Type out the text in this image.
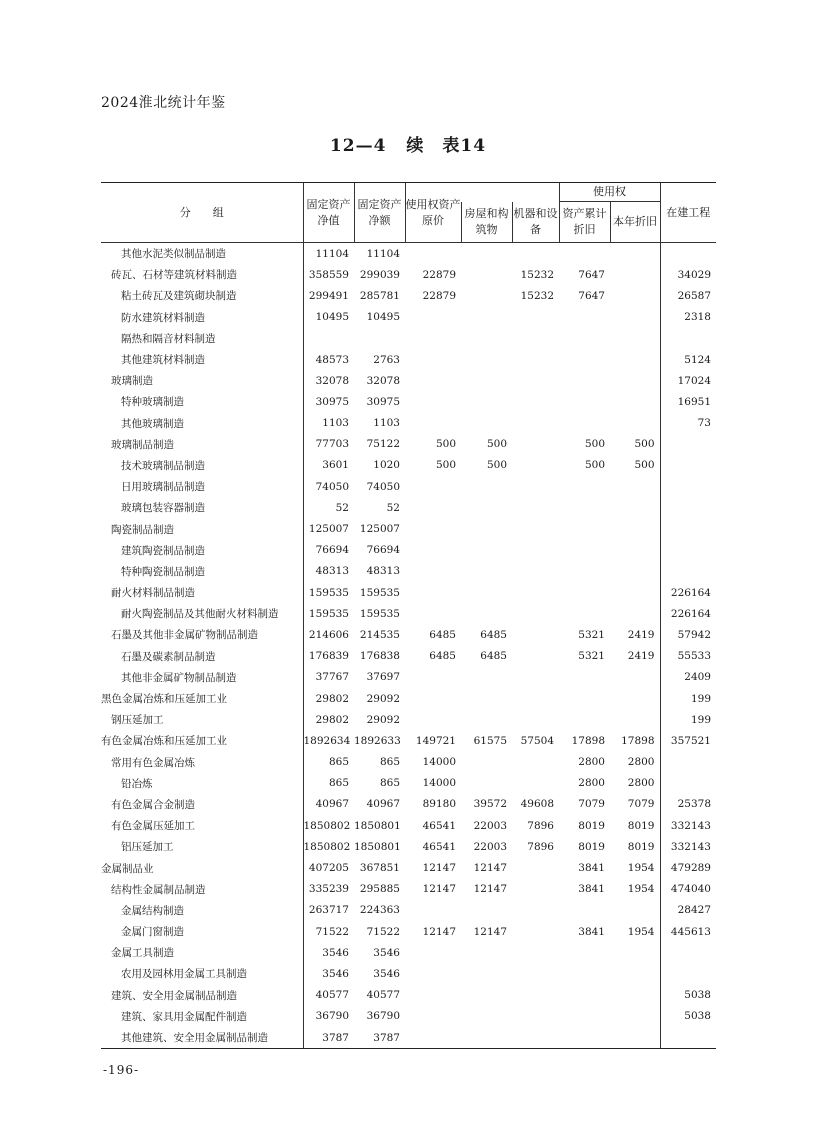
2024淮北统计年鉴
12—4 续　表14
分　　组	固定资产净值	固定资产净额	使用权资产原价			使用权		在建工程
				房屋和构筑物	机器和设备	资产累计折旧	本年折旧	
其他水泥类似制品制造	11104	11104						
砖瓦、石材等建筑材料制造	358559	299039	22879		15232	7647		34029
粘土砖瓦及建筑砌块制造	299491	285781	22879		15232	7647		26587
防水建筑材料制造	10495	10495						2318
隔热和隔音材料制造								
其他建筑材料制造	48573	2763						5124
玻璃制造	32078	32078						17024
特种玻璃制造	30975	30975						16951
其他玻璃制造	1103	1103						73
玻璃制品制造	77703	75122	500	500		500	500	
技术玻璃制品制造	3601	1020	500	500		500	500	
日用玻璃制品制造	74050	74050						
玻璃包装容器制造	52	52						
陶瓷制品制造	125007	125007						
建筑陶瓷制品制造	76694	76694						
特种陶瓷制品制造	48313	48313						
耐火材料制品制造	159535	159535						226164
耐火陶瓷制品及其他耐火材料制造	159535	159535						226164
石墨及其他非金属矿物制品制造	214606	214535	6485	6485		5321	2419	57942
石墨及碳素制品制造	176839	176838	6485	6485		5321	2419	55533
其他非金属矿物制品制造	37767	37697						2409
黑色金属冶炼和压延加工业	29802	29092						199
钢压延加工	29802	29092						199
有色金属冶炼和压延加工业	1892634	1892633	149721	61575	57504	17898	17898	357521
常用有色金属冶炼	865	865	14000			2800	2800	
铅冶炼	865	865	14000			2800	2800	
有色金属合金制造	40967	40967	89180	39572	49608	7079	7079	25378
有色金属压延加工	1850802	1850801	46541	22003	7896	8019	8019	332143
铝压延加工	1850802	1850801	46541	22003	7896	8019	8019	332143
金属制品业	407205	367851	12147	12147		3841	1954	479289
结构性金属制品制造	335239	295885	12147	12147		3841	1954	474040
金属结构制造	263717	224363						28427
金属门窗制造	71522	71522	12147	12147		3841	1954	445613
金属工具制造	3546	3546						
农用及园林用金属工具制造	3546	3546						
建筑、安全用金属制品制造	40577	40577						5038
建筑、家具用金属配件制造	36790	36790						5038
其他建筑、安全用金属制品制造	3787	3787						
-196-
